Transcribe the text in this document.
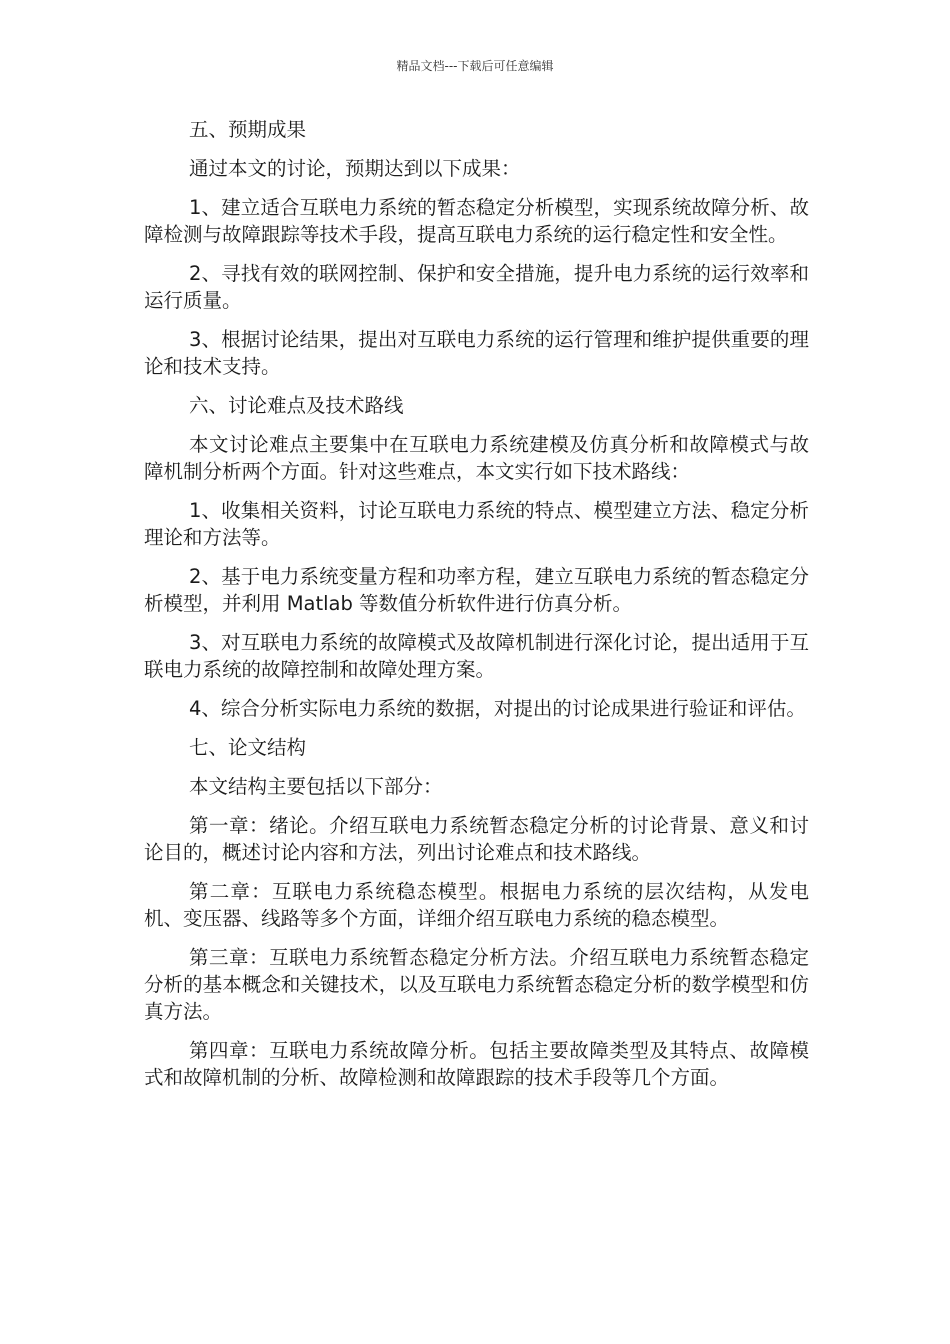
精品文档---下载后可任意编辑

五、预期成果

通过本文的讨论，预期达到以下成果：

1、建立适合互联电力系统的暂态稳定分析模型，实现系统故障分析、故障检测与故障跟踪等技术手段，提高互联电力系统的运行稳定性和安全性。

2、寻找有效的联网控制、保护和安全措施，提升电力系统的运行效率和运行质量。

3、根据讨论结果，提出对互联电力系统的运行管理和维护提供重要的理论和技术支持。

六、讨论难点及技术路线

本文讨论难点主要集中在互联电力系统建模及仿真分析和故障模式与故障机制分析两个方面。针对这些难点，本文实行如下技术路线：

1、收集相关资料，讨论互联电力系统的特点、模型建立方法、稳定分析理论和方法等。

2、基于电力系统变量方程和功率方程，建立互联电力系统的暂态稳定分析模型，并利用 Matlab 等数值分析软件进行仿真分析。

3、对互联电力系统的故障模式及故障机制进行深化讨论，提出适用于互联电力系统的故障控制和故障处理方案。

4、综合分析实际电力系统的数据，对提出的讨论成果进行验证和评估。

七、论文结构

本文结构主要包括以下部分：

第一章：绪论。介绍互联电力系统暂态稳定分析的讨论背景、意义和讨论目的，概述讨论内容和方法，列出讨论难点和技术路线。

第二章：互联电力系统稳态模型。根据电力系统的层次结构，从发电机、变压器、线路等多个方面，详细介绍互联电力系统的稳态模型。

第三章：互联电力系统暂态稳定分析方法。介绍互联电力系统暂态稳定分析的基本概念和关键技术，以及互联电力系统暂态稳定分析的数学模型和仿真方法。

第四章：互联电力系统故障分析。包括主要故障类型及其特点、故障模式和故障机制的分析、故障检测和故障跟踪的技术手段等几个方面。
